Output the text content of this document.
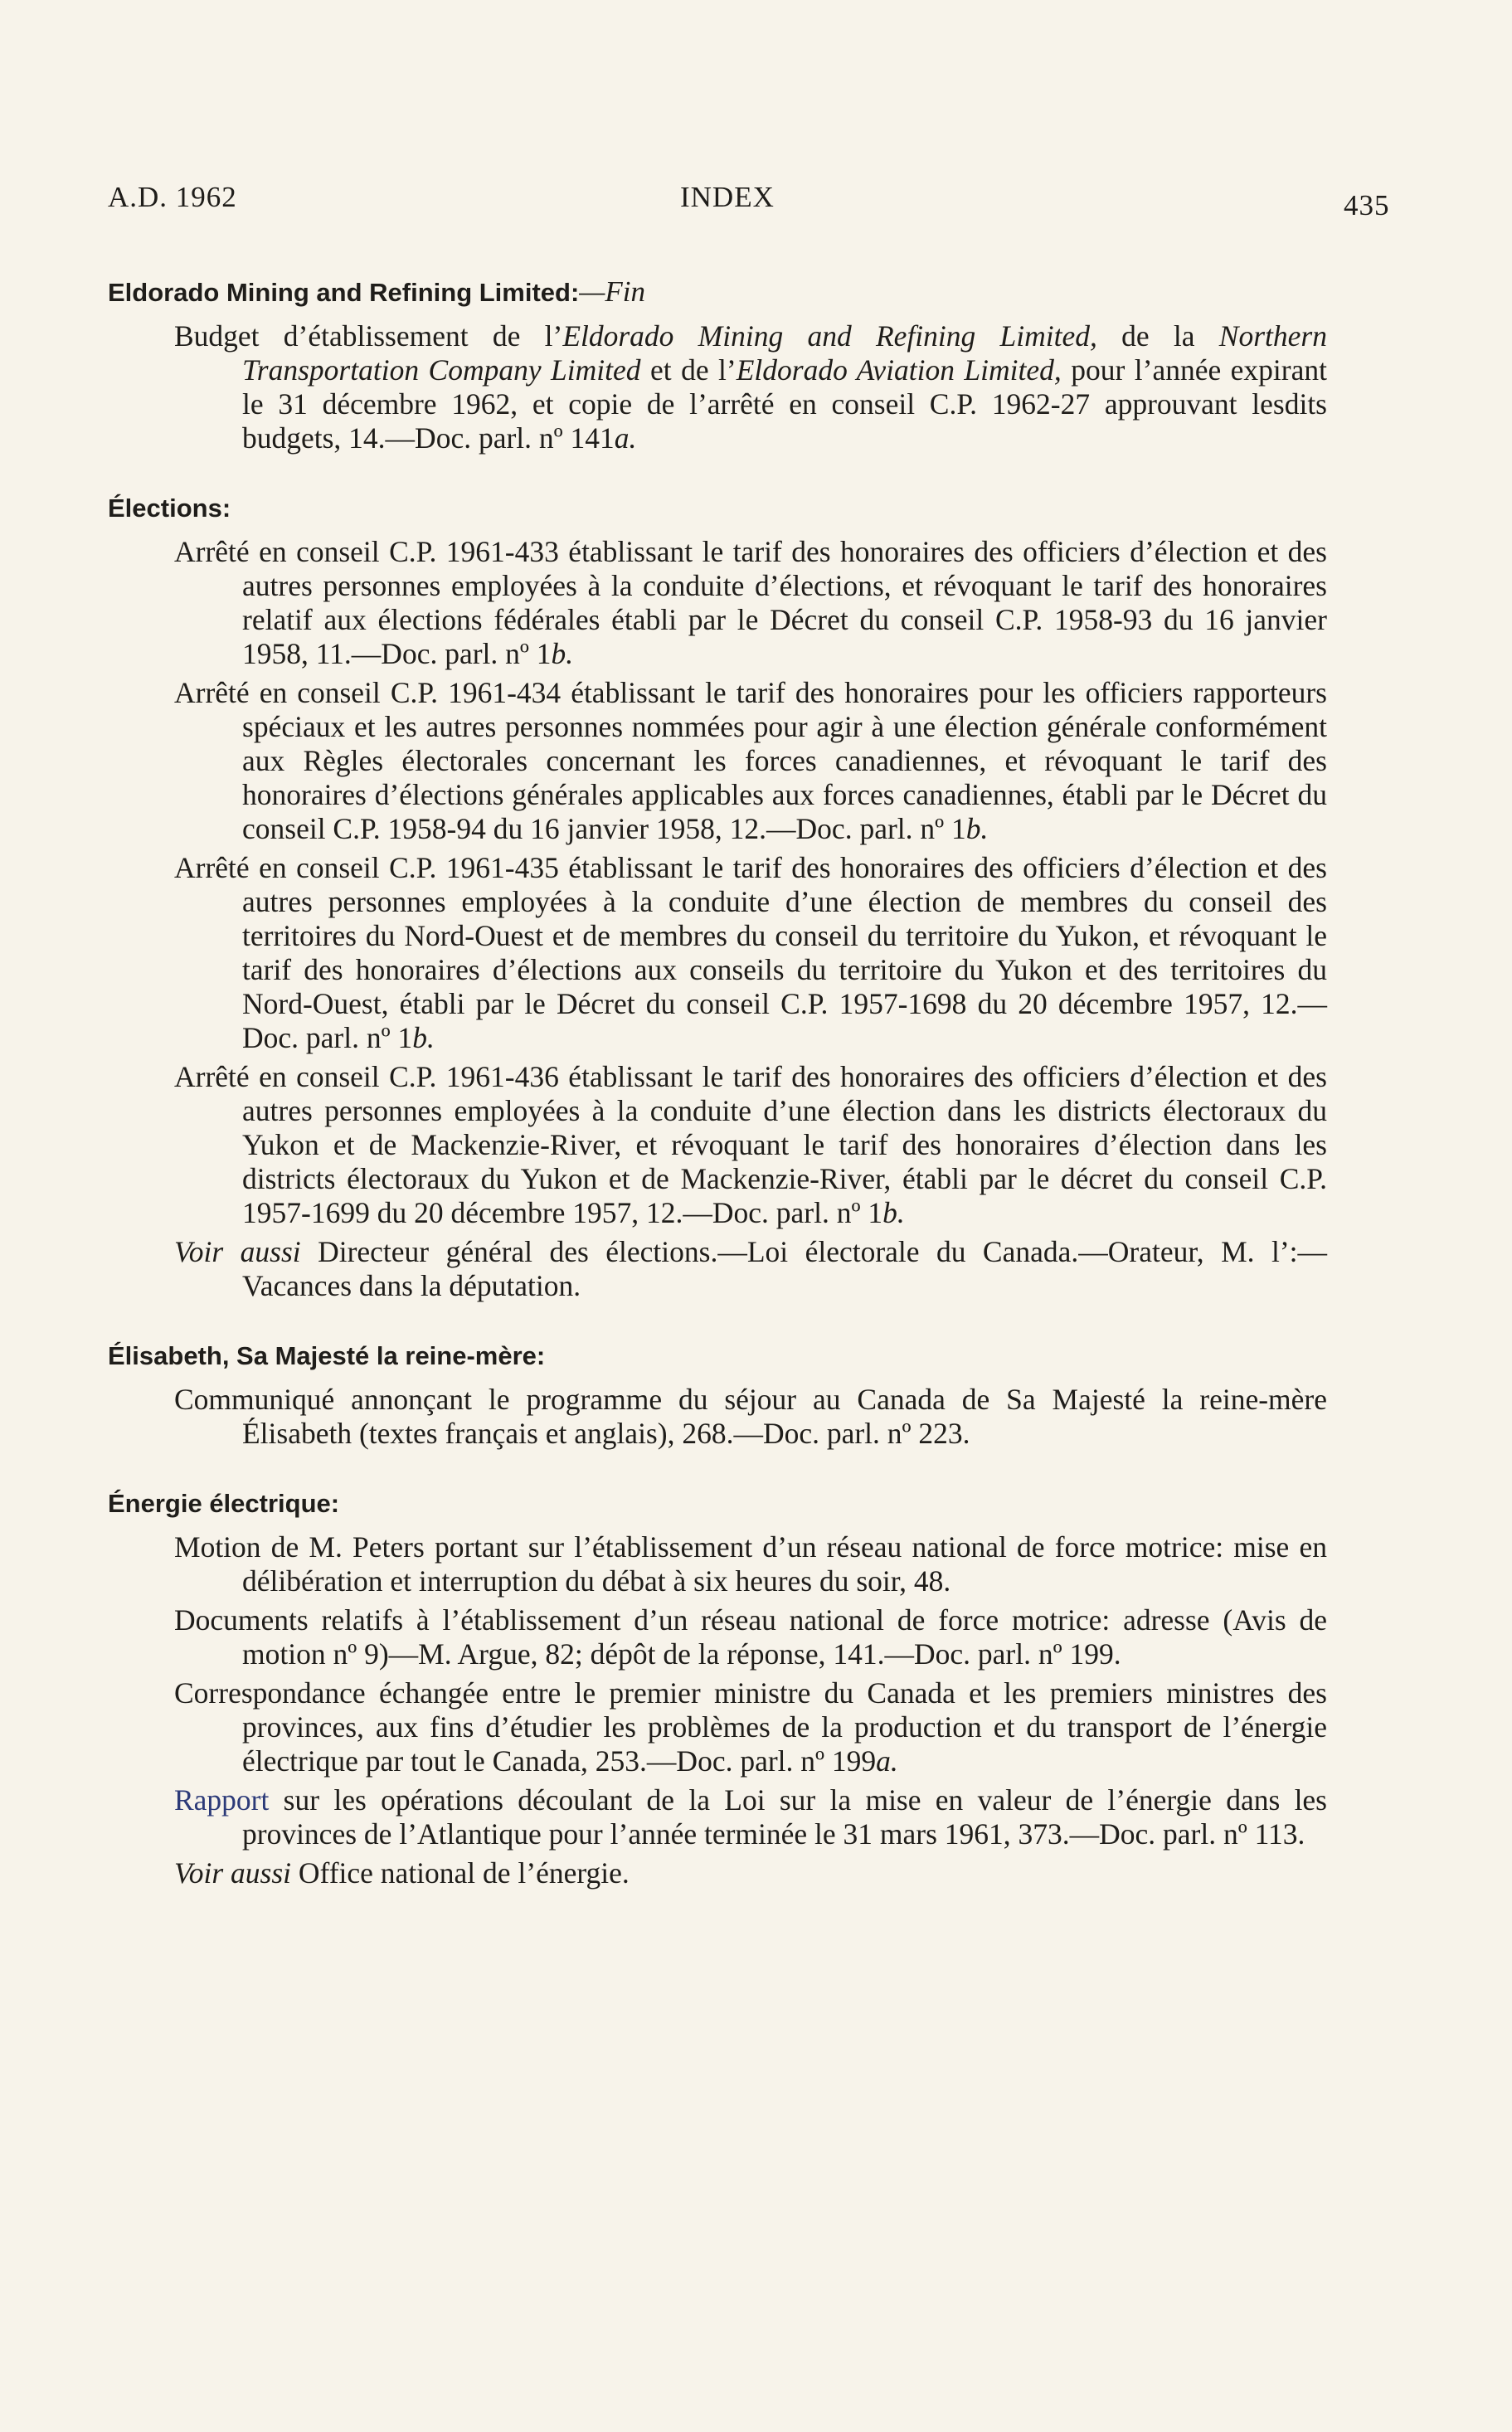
A.D. 1962	INDEX	435
Eldorado Mining and Refining Limited:—Fin

Budget d’établissement de l’Eldorado Mining and Refining Limited, de la Northern Transportation Company Limited et de l’Eldorado Aviation Limited, pour l’année expirant le 31 décembre 1962, et copie de l’arrêté en conseil C.P. 1962-27 approuvant lesdits budgets, 14.—Doc. parl. nº 141a.

Élections:

Arrêté en conseil C.P. 1961-433 établissant le tarif des honoraires des officiers d’élection et des autres personnes employées à la conduite d’élections, et révoquant le tarif des honoraires relatif aux élections fédérales établi par le Décret du conseil C.P. 1958-93 du 16 janvier 1958, 11.—Doc. parl. nº 1b.

Arrêté en conseil C.P. 1961-434 établissant le tarif des honoraires pour les officiers rapporteurs spéciaux et les autres personnes nommées pour agir à une élection générale conformément aux Règles électorales concernant les forces canadiennes, et révoquant le tarif des honoraires d’élections générales applicables aux forces canadiennes, établi par le Décret du conseil C.P. 1958-94 du 16 janvier 1958, 12.—Doc. parl. nº 1b.

Arrêté en conseil C.P. 1961-435 établissant le tarif des honoraires des officiers d’élection et des autres personnes employées à la conduite d’une élection de membres du conseil des territoires du Nord-Ouest et de membres du conseil du territoire du Yukon, et révoquant le tarif des honoraires d’élections aux conseils du territoire du Yukon et des territoires du Nord-Ouest, établi par le Décret du conseil C.P. 1957-1698 du 20 décembre 1957, 12.—Doc. parl. nº 1b.

Arrêté en conseil C.P. 1961-436 établissant le tarif des honoraires des officiers d’élection et des autres personnes employées à la conduite d’une élection dans les districts électoraux du Yukon et de Mackenzie-River, et révoquant le tarif des honoraires d’élection dans les districts électoraux du Yukon et de Mackenzie-River, établi par le décret du conseil C.P. 1957-1699 du 20 décembre 1957, 12.—Doc. parl. nº 1b.

Voir aussi Directeur général des élections.—Loi électorale du Canada.—Orateur, M. l’:—Vacances dans la députation.

Élisabeth, Sa Majesté la reine-mère:

Communiqué annonçant le programme du séjour au Canada de Sa Majesté la reine-mère Élisabeth (textes français et anglais), 268.—Doc. parl. nº 223.

Énergie électrique:

Motion de M. Peters portant sur l’établissement d’un réseau national de force motrice: mise en délibération et interruption du débat à six heures du soir, 48.

Documents relatifs à l’établissement d’un réseau national de force motrice: adresse (Avis de motion nº 9)—M. Argue, 82; dépôt de la réponse, 141.—Doc. parl. nº 199.

Correspondance échangée entre le premier ministre du Canada et les premiers ministres des provinces, aux fins d’étudier les problèmes de la production et du transport de l’énergie électrique par tout le Canada, 253.—Doc. parl. nº 199a.

Rapport sur les opérations découlant de la Loi sur la mise en valeur de l’énergie dans les provinces de l’Atlantique pour l’année terminée le 31 mars 1961, 373.—Doc. parl. nº 113.

Voir aussi Office national de l’énergie.
